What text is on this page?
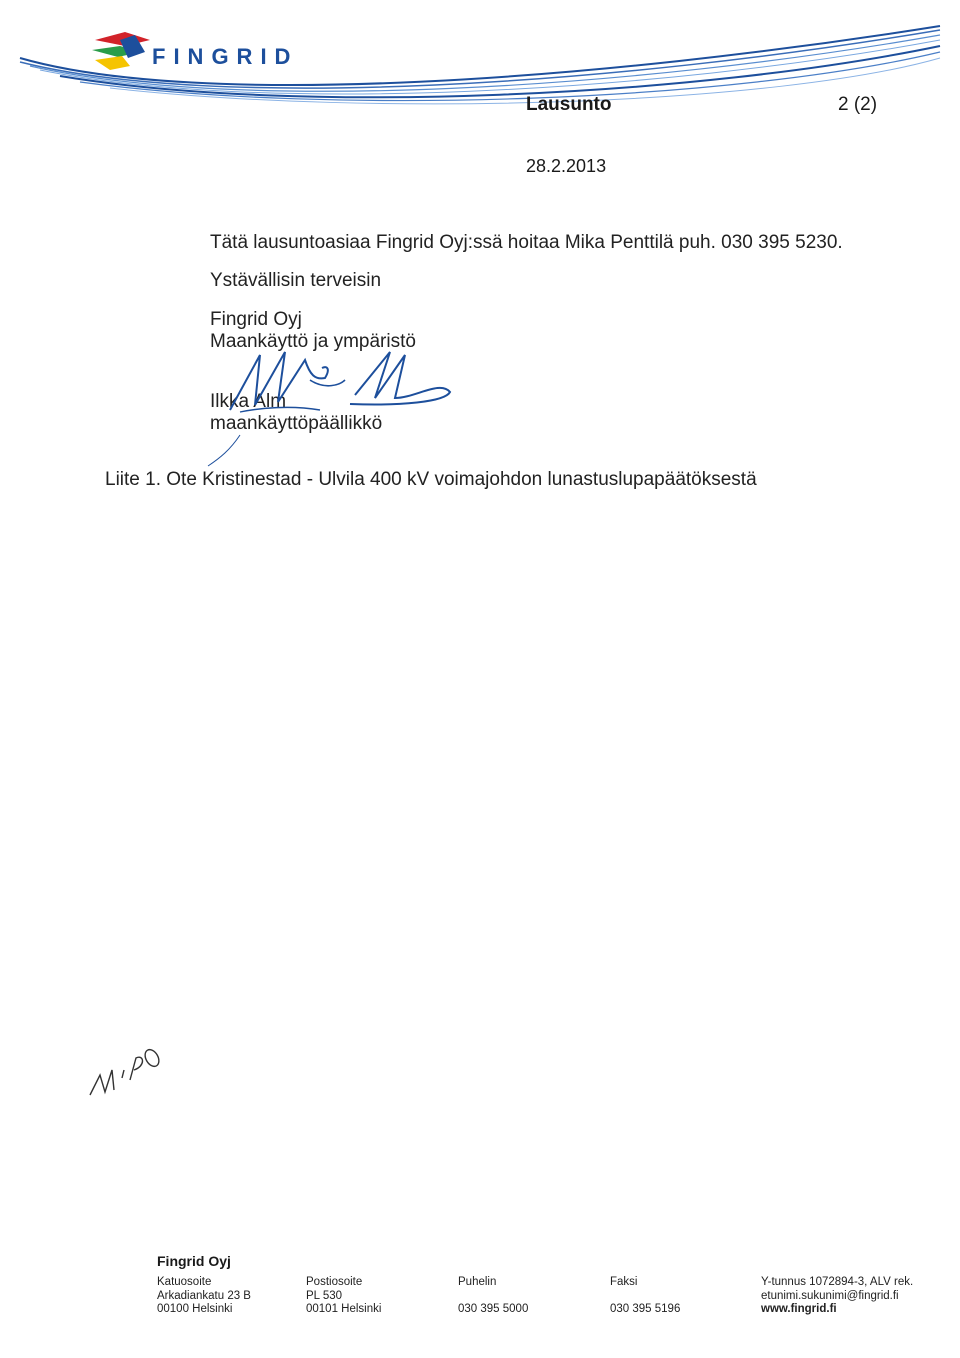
FINGRID
Lausunto	2 (2)
28.2.2013
Tätä lausuntoasiaa Fingrid Oyj:ssä hoitaa Mika Penttilä puh. 030 395 5230.
Ystävällisin terveisin
Fingrid Oyj
Maankäyttö ja ympäristö
Ilkka Alm
maankäyttöpäällikkö
Liite 1. Ote Kristinestad - Ulvila 400 kV voimajohdon lunastuslupapäätöksestä
Fingrid Oyj
Katuosoite
Arkadiankatu 23 B
00100 Helsinki
Postiosoite
PL 530
00101 Helsinki
Puhelin
030 395 5000
Faksi
030 395 5196
Y-tunnus 1072894-3, ALV rek.
etunimi.sukunimi@fingrid.fi
www.fingrid.fi
